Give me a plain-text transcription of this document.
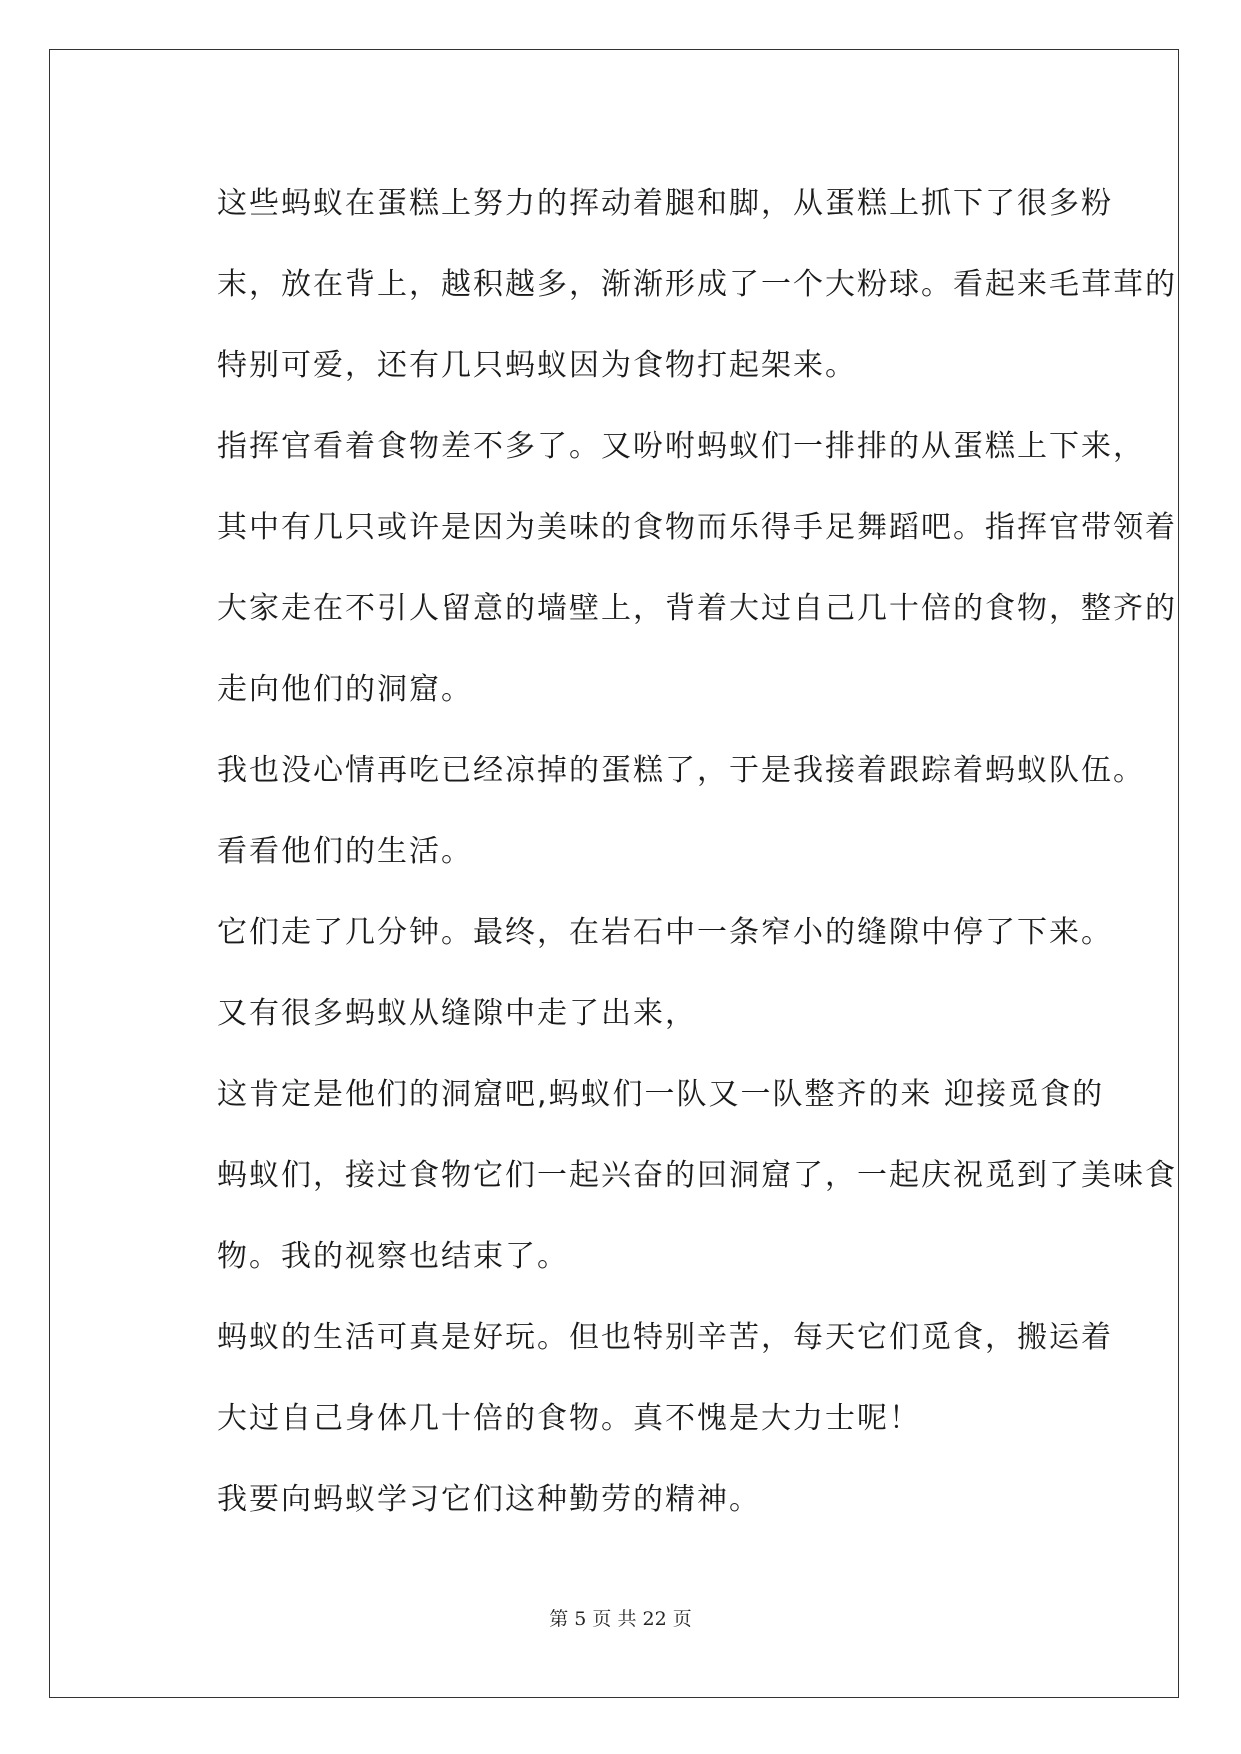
这些蚂蚁在蛋糕上努力的挥动着腿和脚，从蛋糕上抓下了很多粉
末，放在背上，越积越多，渐渐形成了一个大粉球。看起来毛茸茸的
特别可爱，还有几只蚂蚁因为食物打起架来。

指挥官看着食物差不多了。又吩咐蚂蚁们一排排的从蛋糕上下来，
其中有几只或许是因为美味的食物而乐得手足舞蹈吧。指挥官带领着
大家走在不引人留意的墙壁上，背着大过自己几十倍的食物，整齐的
走向他们的洞窟。

我也没心情再吃已经凉掉的蛋糕了，于是我接着跟踪着蚂蚁队伍。
看看他们的生活。

它们走了几分钟。最终，在岩石中一条窄小的缝隙中停了下来。
又有很多蚂蚁从缝隙中走了出来，

这肯定是他们的洞窟吧,蚂蚁们一队又一队整齐的来 迎接觅食的
蚂蚁们，接过食物它们一起兴奋的回洞窟了，一起庆祝觅到了美味食
物。我的视察也结束了。

蚂蚁的生活可真是好玩。但也特别辛苦，每天它们觅食，搬运着
大过自己身体几十倍的食物。真不愧是大力士呢！

我要向蚂蚁学习它们这种勤劳的精神。

第 5 页 共 22 页
